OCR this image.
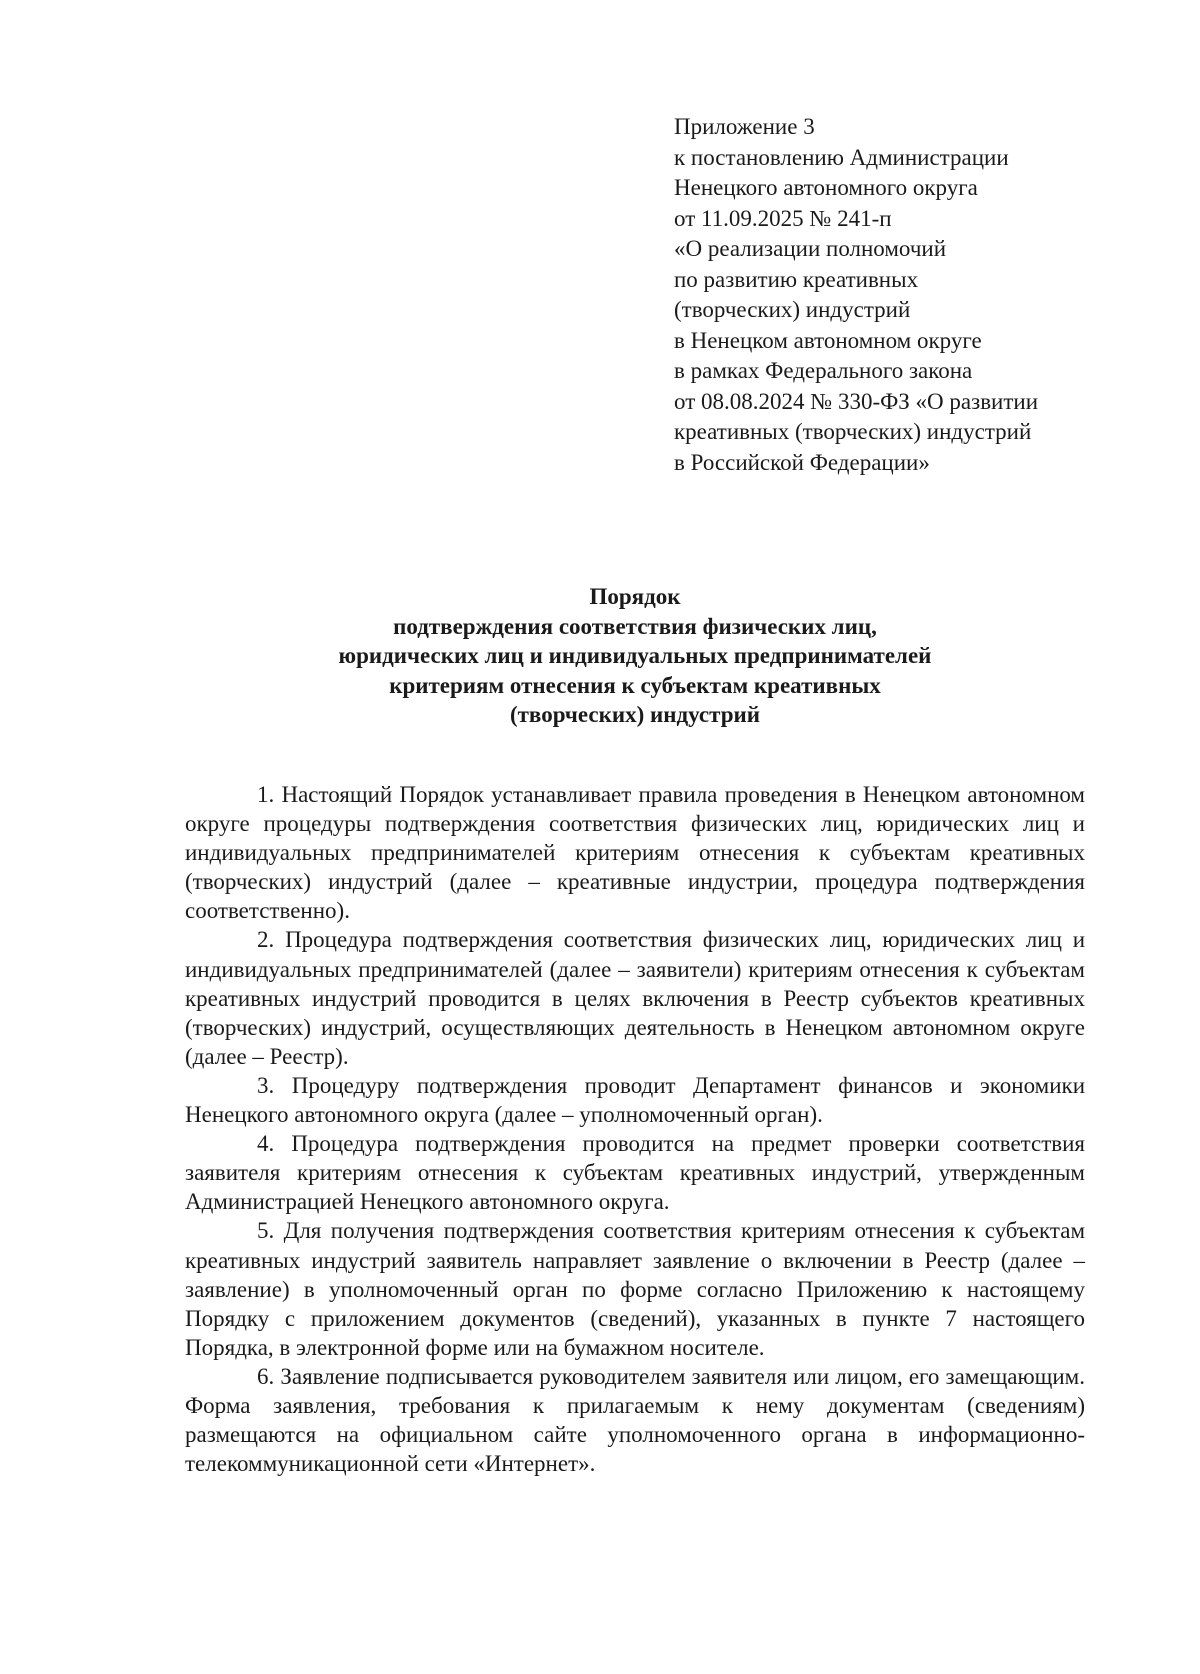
Приложение 3
к постановлению Администрации
Ненецкого автономного округа
от 11.09.2025 № 241-п
«О реализации полномочий
по развитию креативных
(творческих) индустрий
в Ненецком автономном округе
в рамках Федерального закона
от 08.08.2024 № 330-ФЗ «О развитии
креативных (творческих) индустрий
в Российской Федерации»
Порядок
подтверждения соответствия физических лиц,
юридических лиц и индивидуальных предпринимателей
критериям отнесения к субъектам креативных
(творческих) индустрий

1. Настоящий Порядок устанавливает правила проведения в Ненецком автономном округе процедуры подтверждения соответствия физических лиц, юридических лиц и индивидуальных предпринимателей критериям отнесения к субъектам креативных (творческих) индустрий (далее – креативные индустрии, процедура подтверждения соответственно).

2. Процедура подтверждения соответствия физических лиц, юридических лиц и индивидуальных предпринимателей (далее – заявители) критериям отнесения к субъектам креативных индустрий проводится в целях включения в Реестр субъектов креативных (творческих) индустрий, осуществляющих деятельность в Ненецком автономном округе (далее – Реестр).

3. Процедуру подтверждения проводит Департамент финансов и экономики Ненецкого автономного округа (далее – уполномоченный орган).

4. Процедура подтверждения проводится на предмет проверки соответствия заявителя критериям отнесения к субъектам креативных индустрий, утвержденным Администрацией Ненецкого автономного округа.

5. Для получения подтверждения соответствия критериям отнесения к субъектам креативных индустрий заявитель направляет заявление о включении в Реестр (далее – заявление) в уполномоченный орган по форме согласно Приложению к настоящему Порядку с приложением документов (сведений), указанных в пункте 7 настоящего Порядка, в электронной форме или на бумажном носителе.

6. Заявление подписывается руководителем заявителя или лицом, его замещающим. Форма заявления, требования к прилагаемым к нему документам (сведениям) размещаются на официальном сайте уполномоченного органа в информационно-телекоммуникационной сети «Интернет».
